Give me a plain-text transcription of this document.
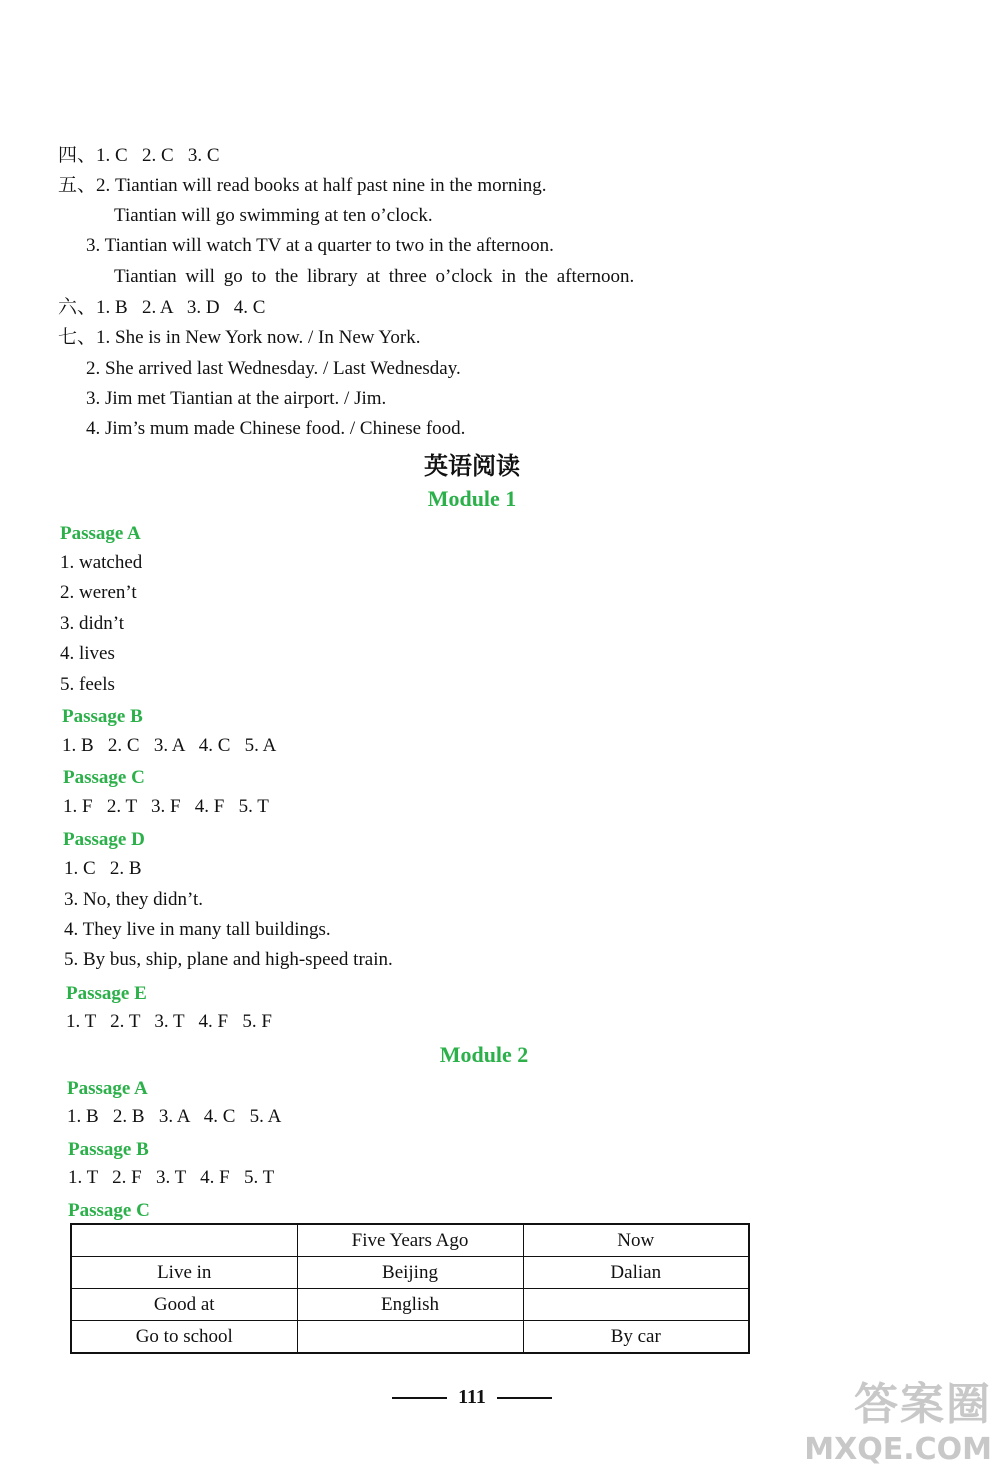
四、1. C   2. C   3. C
五、2. Tiantian will read books at half past nine in the morning.
Tiantian will go swimming at ten o’clock.
3. Tiantian will watch TV at a quarter to two in the afternoon.
Tiantian will go to the library at three o’clock in the afternoon.
六、1. B   2. A   3. D   4. C
七、1. She is in New York now. / In New York.
2. She arrived last Wednesday. / Last Wednesday.
3. Jim met Tiantian at the airport. / Jim.
4. Jim’s mum made Chinese food. / Chinese food.
英语阅读
Module 1
Passage A
1. watched
2. weren’t
3. didn’t
4. lives
5. feels
Passage B
1. B   2. C   3. A   4. C   5. A
Passage C
1. F   2. T   3. F   4. F   5. T
Passage D
1. C   2. B
3. No, they didn’t.
4. They live in many tall buildings.
5. By bus, ship, plane and high-speed train.
Passage E
1. T   2. T   3. T   4. F   5. F
Module 2
Passage A
1. B   2. B   3. A   4. C   5. A
Passage B
1. T   2. F   3. T   4. F   5. T
Passage C
	Five Years Ago	Now
Live in	Beijing	Dalian
Good at	English	
Go to school		By car
111	答案圈
MXQE.COM
